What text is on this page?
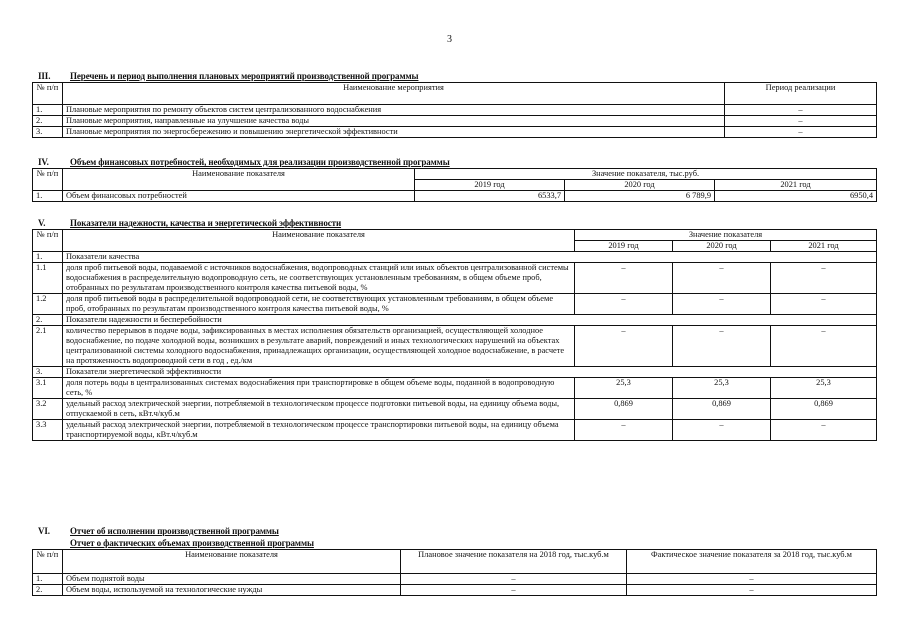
3
III. Перечень и период выполнения плановых мероприятий производственной программы
№ п/п	Наименование мероприятия	Период реализации
1.	Плановые мероприятия по ремонту объектов систем централизованного водоснабжения	–
2.	Плановые мероприятия, направленные на улучшение качества воды	–
3.	Плановые мероприятия по энергосбережению и повышению энергетической эффективности	–
IV. Объем финансовых потребностей, необходимых для реализации производственной программы
№ п/п	Наименование показателя	Значение показателя, тыс.руб.		
		2019 год	2020 год	2021 год
1.	Объем финансовых потребностей	6533,7	6 789,9	6950,4
V.	Показатели надежности, качества и энергетической эффективности
№ п/п	Наименование показателя	Значение показателя		
		2019 год	2020 год	2021 год
1.	Показатели качества			
1.1	доля проб питьевой воды, подаваемой с источников водоснабжения, водопроводных станций или иных объектов централизованной системы водоснабжения в распределительную водопроводную сеть, не соответствующих установленным требованиям, в общем объеме проб, отобранных по результатам производственного контроля качества питьевой воды, %	–	–	–
1.2	доля проб питьевой воды в распределительной водопроводной сети, не соответствующих установленным требованиям, в общем объеме проб, отобранных по результатам производственного контроля качества питьевой воды, %	–	–	–
2.	Показатели надежности и бесперебойности			
2.1	количество перерывов в подаче воды, зафиксированных в местах исполнения обязательств организацией, осуществляющей холодное водоснабжение, по подаче холодной воды, возникших в результате аварий, повреждений и иных технологических нарушений на объектах централизованной системы холодного водоснабжения, принадлежащих организации, осуществляющей холодное водоснабжение, в расчете на протяженность водопроводной сети в год , ед./км	–	–	–
3.	Показатели энергетической эффективности			
3.1	доля потерь воды в централизованных системах водоснабжения при транспортировке в общем объеме воды, поданной в водопроводную сеть, %	25,3	25,3	25,3
3.2	удельный расход электрической энергии, потребляемой в технологическом процессе подготовки питьевой воды, на единицу объема воды, отпускаемой в сеть, кВт.ч/куб.м	0,869	0,869	0,869
3.3	удельный расход электрической энергии, потребляемой в технологическом процессе транспортировки питьевой воды, на единицу объема транспортируемой воды, кВт.ч/куб.м	–	–	–
VI. Отчет об исполнении производственной программы
Отчет о фактических объемах производственной программы
№ п/п	Наименование показателя	Плановое значение показателя на 2018 год, тыс.куб.м	Фактическое значение показателя за 2018 год, тыс.куб.м
1.	Объем поднятой воды	–	–
2.	Объем воды, используемой на технологические нужды	–	–
